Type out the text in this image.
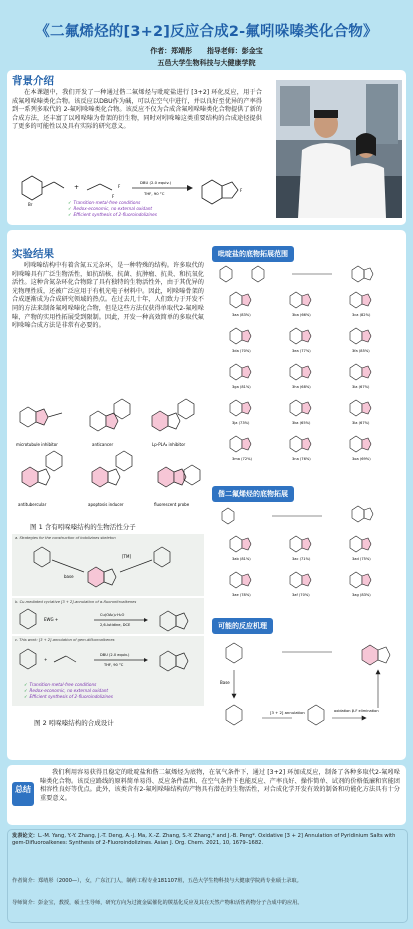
《二氟烯烃的[3+2]反应合成2-氟吲哚嗪类化合物》
作者：郑靖彤 指导老师：彭金宝
五邑大学生物科技与大健康学院
背景介绍
在本课题中，我们开发了一种通过偕二氟烯烃与吡啶盐进行 [3+2] 环化反应，用于合成氟吲哚嗪类化合物。该反应以DBU作为碱，可以在空气中进行，并以良好至优异的产率得到一系列多取代的 2-氟吲哚嗪类化合物。该反应不仅为合成含氟吲哚嗪类化合物提供了新的合成方法，还丰富了以吲哚嗪为骨架的衍生物，同时对吲哚嗪这类重要结构的合成途径提供了更多的可能性以及具有实际的研究意义。
Br
+
F
F
DBU (2.0 equiv.)
THF, 90 °C
F
✓ Transition-metal-free conditions
✓ Redox-economic, no external oxidant
✓ Efficient synthesis of 2-fluoroindolizines
实验结果
吲哚嗪结构中有着含氮五元杂环，是一种特殊的结构。许多取代的吲哚嗪具有广泛生物活性，如抗结核、抗菌、抗肿瘤、抗炎、和抗氧化活性。这种含氮杂环化合物除了具有独特的生物活性外，由于其优异的光物理性质，还被广泛应用于有机光电子材料中。因此，吲哚嗪骨架的合成逐渐成为合成研究领域的热点。在过去几十年，人们致力于开发不同的方法来制备氟吲哚嗪化合物，但是这些方法仅获得单取代2-氟吲哚嗪，产物的实用性拓展受到限制。因此，开发一种高效简单的多取代氟吲哚嗪合成方法是非常有必要的。
microtubule inhibitor	anticancer	Lp-PLA₂ inhibitor
antitubercular	apoptosis inducer	fluorescent probe
图 1 含有吲哚嗪结构的生物活性分子
a. Strategies for the construction of indolizines skeleton
[TM]
base
b. Cu-mediated cyclative [3 + 2]-annulation of α-fluoronitroalkenes
EWG +
Cu(OAc)₂·H₂O
2,6-lutidine, DCE
c. This work: [3 + 2]-annulation of gem-difluoroalkenes
+
DBU (2.0 equiv.)
THF, 90 °C
✓ Transition-metal-free conditions
✓ Redox-economic, no external oxidant
✓ Efficient synthesis of 2-fluoroindolizines
图 2 吲哚嗪结构的合成设计
吡啶盐的底物拓展范围
3aa (83%)	3ba (66%)	3ca (82%)
3da (70%)	3ea (77%)	3fa (85%)
3ga (81%)	3ha (68%)	3ia (67%)
3ja (73%)	3ka (65%)	3la (67%)
3ma (72%)	3na (76%)	3oa (69%)
偕二氟烯烃的底物拓展
3ab (81%)	3ac (71%)	3ad (75%)
3ae (78%)	3af (70%)	3ag (83%)
可能的反应机理
Base
[3 + 2] annulation	oxidation β-F elimination
总结
我们利用容易获得且稳定的吡啶盐和偕二氟烯烃为底物，在氧气条件下，通过 [3+2] 环加成反应，制备了各种多取代2-氟吲哚嗪类化合物。该反应路线的原料简单易得、反应条件温和、在空气条件下也能反应、产率良好、操作简单、试剂的价格低廉和官能团相容性良好等优点。此外，该类含有2-氟吲哚嗪结构的产物具有潜在的生物活性，对合成化学开发有效的制备和功能化方法具有十分重要意义。
发表论文：L.-M. Yang, Y.-Y. Zhang, J.-T. Deng, A.-J. Ma, X.-Z. Zhang, S.-Y. Zhang,* and J.-B. Peng*. Oxidative [3 + 2] Annulation of Pyridinium Salts with gem-Difluoroalkenes: Synthesis of 2-Fluoroindolizines. Asian J. Org. Chem. 2021, 10, 1679–1682.
作者简介：郑靖彤（2000—），女，广东江门人，制药工程专业181107班，五邑大学生物科技与大健康学院药专业硕士录取。
导师简介：彭金宝，教授，硕士生导师，研究方向为过渡金属催化的羰基化反应及其在天然产物和活性药物分子合成中的应用。
